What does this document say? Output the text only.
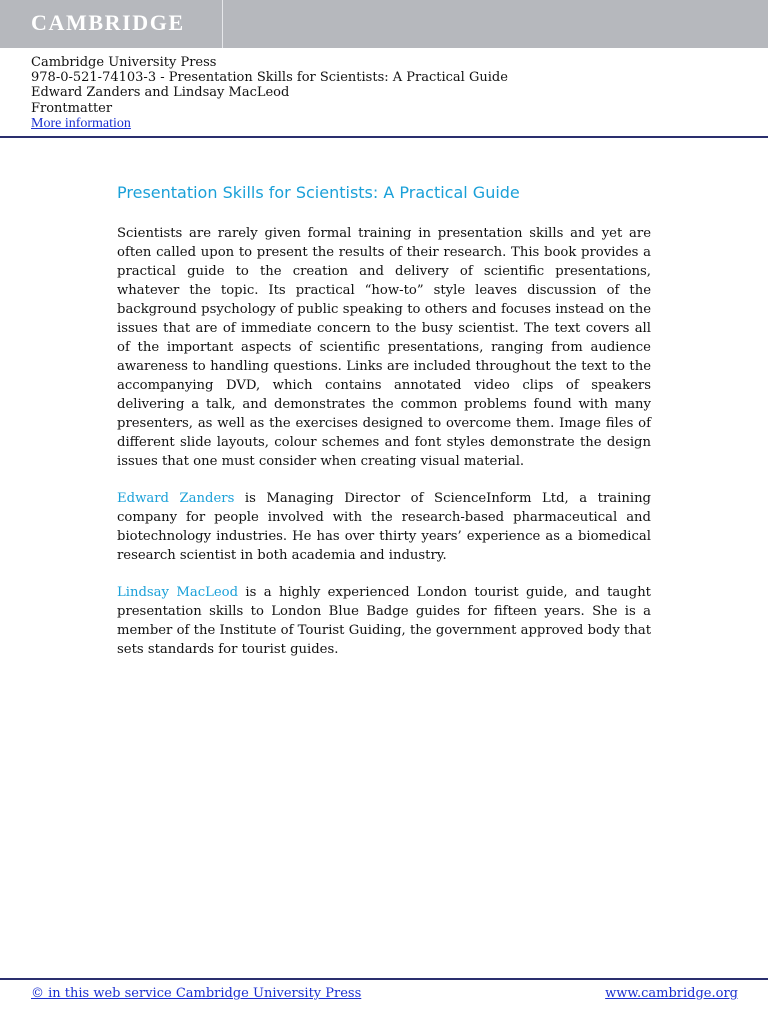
CAMBRIDGE
Cambridge University Press
978-0-521-74103-3 - Presentation Skills for Scientists: A Practical Guide
Edward Zanders and Lindsay MacLeod
Frontmatter
More information
Presentation Skills for Scientists: A Practical Guide

Scientists are rarely given formal training in presentation skills and yet are often called upon to present the results of their research. This book provides a practical guide to the creation and delivery of scientific presentations, whatever the topic. Its practical “how-to” style leaves discussion of the background psychology of public speaking to others and focuses instead on the issues that are of immediate concern to the busy scientist. The text covers all of the important aspects of scientific presentations, ranging from audience awareness to handling questions. Links are included throughout the text to the accompanying DVD, which contains annotated video clips of speakers delivering a talk, and demonstrates the common problems found with many presenters, as well as the exercises designed to overcome them. Image files of different slide layouts, colour schemes and font styles demonstrate the design issues that one must consider when creating visual material.

Edward Zanders is Managing Director of ScienceInform Ltd, a training company for people involved with the research-based pharmaceutical and biotechnology industries. He has over thirty years’ experience as a biomedical research scientist in both academia and industry.

Lindsay MacLeod is a highly experienced London tourist guide, and taught presentation skills to London Blue Badge guides for fifteen years. She is a member of the Institute of Tourist Guiding, the government approved body that sets standards for tourist guides.

© in this web service Cambridge University Press	www.cambridge.org
